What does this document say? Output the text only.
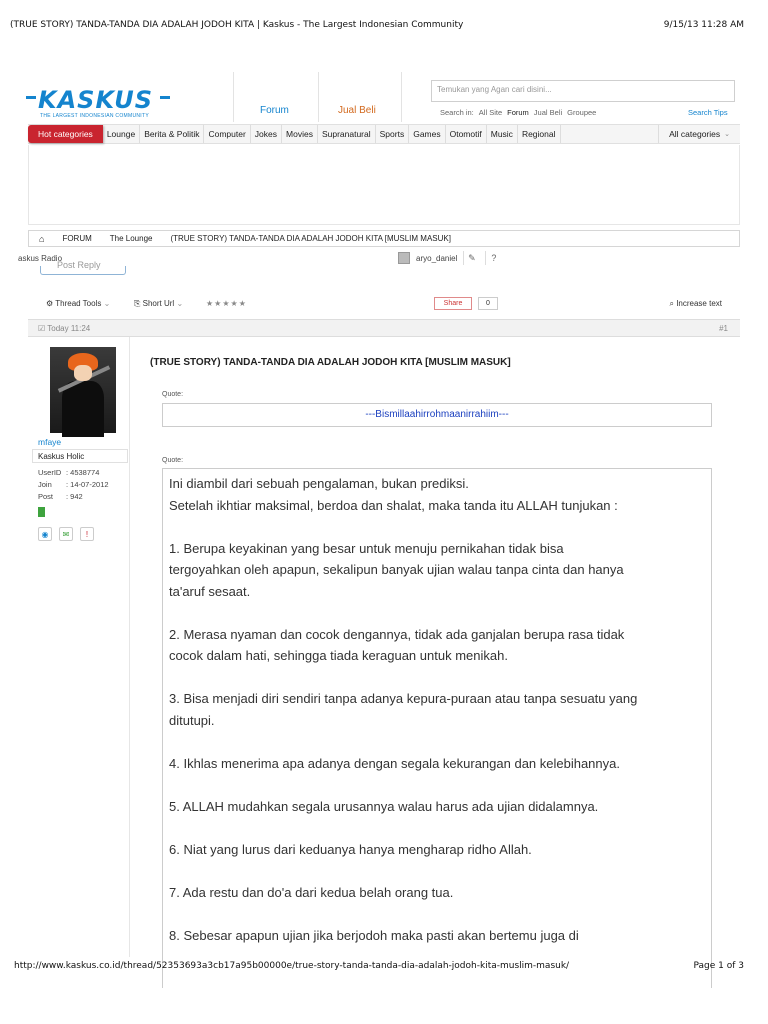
(TRUE STORY) TANDA-TANDA DIA ADALAH JODOH KITA | Kaskus - The Largest Indonesian Community	9/15/13 11:28 AM
KASKUS
THE LARGEST INDONESIAN COMMUNITY	Forum	Jual Beli
Temukan yang Agan cari disini...
Search in: All Site Forum Jual Beli Groupee	Search Tips
Hot categories	Lounge	Berita & Politik	Computer	Jokes	Movies	Supranatural	Sports	Games	Otomotif	Music	Regional	All categories ⌄
⌂ FORUM The Lounge (TRUE STORY) TANDA-TANDA DIA ADALAH JODOH KITA [MUSLIM MASUK]
askus Radio	aryo_daniel	✎	?
Post Reply
⚙ Thread Tools ⌄	⎘ Short Url ⌄	★★★★★	Share	0	⌕ Increase text
☑ Today 11:24	#1
mfaye
Kaskus Holic
UserID : 4538774
Join	: 14-07-2012
Post	: 942
◉	✉	!
(TRUE STORY) TANDA-TANDA DIA ADALAH JODOH KITA [MUSLIM MASUK]
Quote:
---Bismillaahirrohmaanirrahiim---
Quote:

Ini diambil dari sebuah pengalaman, bukan prediksi.

Setelah ikhtiar maksimal, berdoa dan shalat, maka tanda itu ALLAH tunjukan :

1. Berupa keyakinan yang besar untuk menuju pernikahan tidak bisa

tergoyahkan oleh apapun, sekalipun banyak ujian walau tanpa cinta dan hanya

ta'aruf sesaat.

2. Merasa nyaman dan cocok dengannya, tidak ada ganjalan berupa rasa tidak

cocok dalam hati, sehingga tiada keraguan untuk menikah.

3. Bisa menjadi diri sendiri tanpa adanya kepura-puraan atau tanpa sesuatu yang

ditutupi.

4. Ikhlas menerima apa adanya dengan segala kekurangan dan kelebihannya.

5. ALLAH mudahkan segala urusannya walau harus ada ujian didalamnya.

6. Niat yang lurus dari keduanya hanya mengharap ridho Allah.

7. Ada restu dan do'a dari kedua belah orang tua.

8. Sebesar apapun ujian jika berjodoh maka pasti akan bertemu juga di

http://www.kaskus.co.id/thread/52353693a3cb17a95b00000e/true-story-tanda-tanda-dia-adalah-jodoh-kita-muslim-masuk/	Page 1 of 3
